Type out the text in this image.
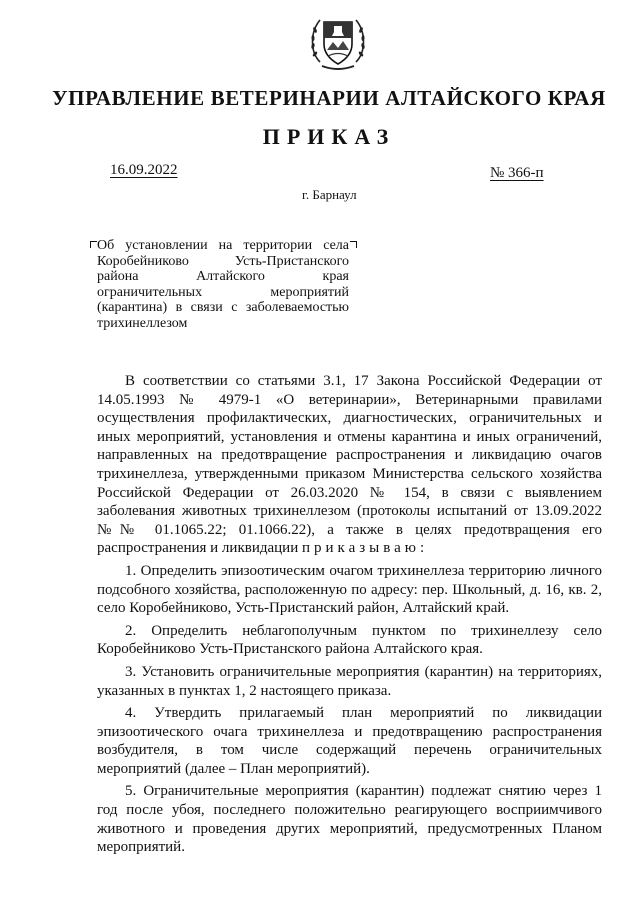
УПРАВЛЕНИЕ ВЕТЕРИНАРИИ АЛТАЙСКОГО КРАЯ
ПРИКАЗ
16.09.2022	№ 366-п
г. Барнаул
Об установлении на территории села Коробейниково Усть-Пристанского района Алтайского края ограничительных мероприятий (карантина) в связи с заболеваемостью трихинеллезом

В соответствии со статьями 3.1, 17 Закона Российской Федерации от 14.05.1993 № 4979-1 «О ветеринарии», Ветеринарными правилами осуществления профилактических, диагностических, ограничительных и иных мероприятий, установления и отмены карантина и иных ограничений, направленных на предотвращение распространения и ликвидацию очагов трихинеллеза, утвержденными приказом Министерства сельского хозяйства Российской Федерации от 26.03.2020 № 154, в связи с выявлением заболевания животных трихинеллезом (протоколы испытаний от 13.09.2022 №№ 01.1065.22; 01.1066.22), а также в целях предотвращения его распространения и ликвидации приказываю:

1. Определить эпизоотическим очагом трихинеллеза территорию личного подсобного хозяйства, расположенную по адресу: пер. Школьный, д. 16, кв. 2, село Коробейниково, Усть-Пристанский район, Алтайский край.

2. Определить неблагополучным пунктом по трихинеллезу село Коробейниково Усть-Пристанского района Алтайского края.

3. Установить ограничительные мероприятия (карантин) на территориях, указанных в пунктах 1, 2 настоящего приказа.

4. Утвердить прилагаемый план мероприятий по ликвидации эпизоотического очага трихинеллеза и предотвращению распространения возбудителя, в том числе содержащий перечень ограничительных мероприятий (далее – План мероприятий).

5. Ограничительные мероприятия (карантин) подлежат снятию через 1 год после убоя, последнего положительно реагирующего восприимчивого животного и проведения других мероприятий, предусмотренных Планом мероприятий.
